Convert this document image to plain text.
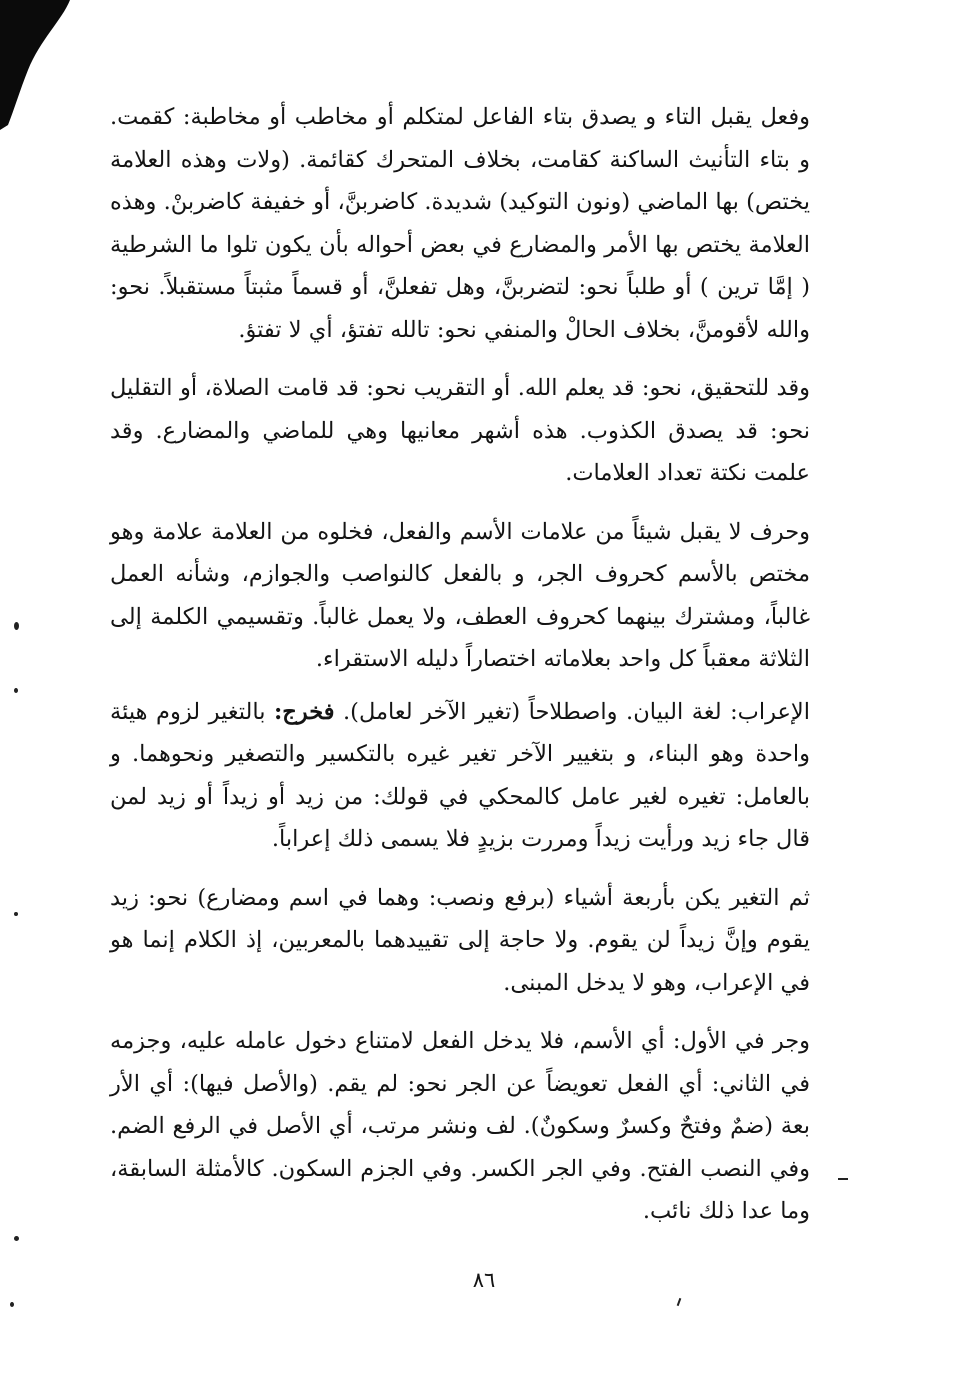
وفعل يقبل التاء و يصدق بتاء الفاعل لمتكلم أو مخاطب أو مخاطبة: كقمت. و بتاء التأنيث الساكنة كقامت، بخلاف المتحرك كقائمة. (ولات وهذه العلامة يختص) بها الماضي (ونون التوكيد) شديدة. كاضربنَّ، أو خفيفة كاضربنْ. وهذه العلامة يختص بها الأمر والمضارع في بعض أحواله بأن يكون تلوا ما الشرطية ( إمَّا ترين ) أو طلباً نحو: لتضربنَّ، وهل تفعلنَّ، أو قسماً مثبتاً مستقبلاً. نحو: والله لأقومنَّ، بخلاف الحالْ والمنفي نحو: تالله تفتؤ، أي لا تفتؤ.

وقد للتحقيق، نحو: قد يعلم الله. أو التقريب نحو: قد قامت الصلاة، أو التقليل نحو: قد يصدق الكذوب. هذه أشهر معانيها وهي للماضي والمضارع. وقد علمت نكتة تعداد العلامات.

وحرف لا يقبل شيئاً من علامات الأسم والفعل، فخلوه من العلامة علامة وهو مختص بالأسم كحروف الجر، و بالفعل كالنواصب والجوازم، وشأنه العمل غالباً، ومشترك بينهما كحروف العطف، ولا يعمل غالباً. وتقسيمي الكلمة إلى الثلاثة معقباً كل واحد بعلاماته اختصاراً دليله الاستقراء.

الإعراب: لغة البيان. واصطلاحاً (تغير الآخر لعامل). فخرج: بالتغير لزوم هيئة واحدة وهو البناء، و بتغيير الآخر تغير غيره بالتكسير والتصغير ونحوهما. و بالعامل: تغيره لغير عامل كالمحكي في قولك: من زيد أو زيداً أو زيد لمن قال جاء زيد ورأيت زيداً ومررت بزيدٍ فلا يسمى ذلك إعراباً.

ثم التغير يكن بأربعة أشياء (برفع ونصب: وهما في اسم ومضارع) نحو: زيد يقوم وإنَّ زيداً لن يقوم. ولا حاجة إلى تقييدهما بالمعربين، إذ الكلام إنما هو في الإعراب، وهو لا يدخل المبنى.

وجر في الأول: أي الأسم، فلا يدخل الفعل لامتناع دخول عامله عليه، وجزمه في الثاني: أي الفعل تعويضاً عن الجر نحو: لم يقم. (والأصل فيها): أي الأر بعة (ضمٌ وفتحٌ وكسرٌ وسكونٌ). لف ونشر مرتب، أي الأصل في الرفع الضم. وفي النصب الفتح. وفي الجر الكسر. وفي الجزم السكون. كالأمثلة السابقة، وما عدا ذلك نائب.

٨٦
